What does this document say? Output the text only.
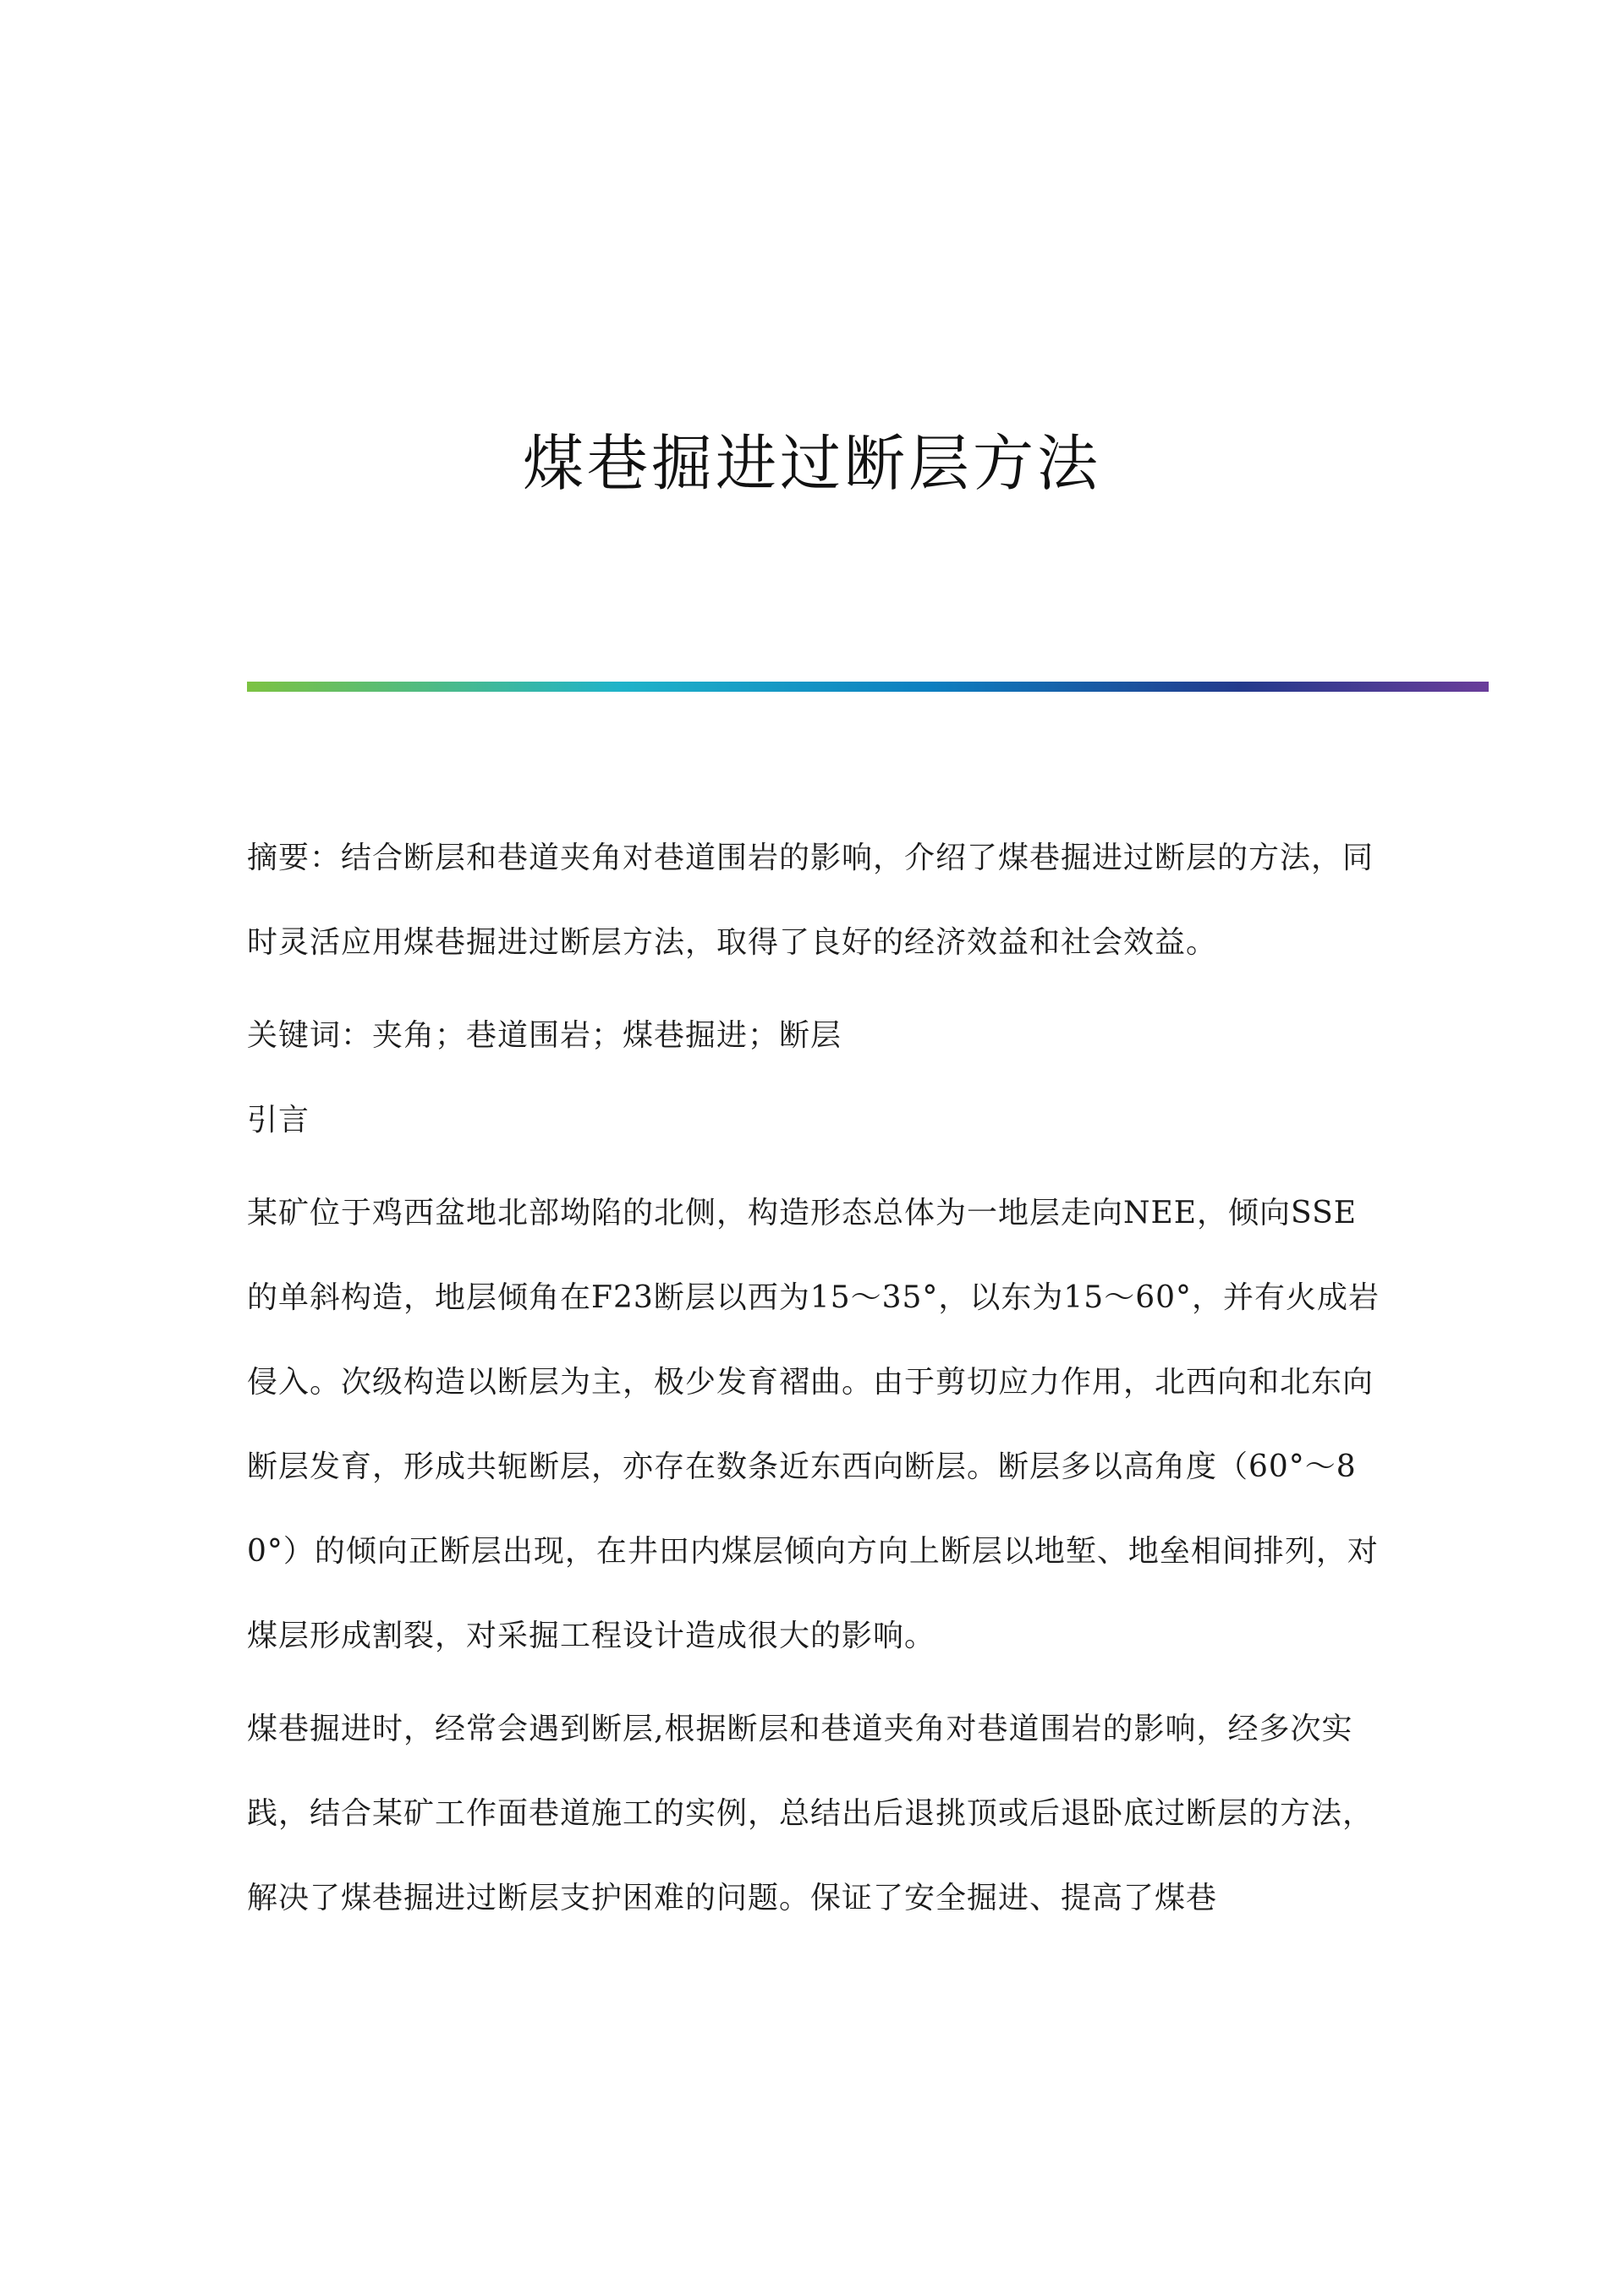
煤巷掘进过断层方法

摘要：结合断层和巷道夹角对巷道围岩的影响，介绍了煤巷掘进过断层的方法，同时灵活应用煤巷掘进过断层方法，取得了良好的经济效益和社会效益。

关键词：夹角；巷道围岩；煤巷掘进；断层

引言

某矿位于鸡西盆地北部坳陷的北侧，构造形态总体为一地层走向NEE，倾向SSE的单斜构造，地层倾角在F23断层以西为15～35°，以东为15～60°，并有火成岩侵入。次级构造以断层为主，极少发育褶曲。由于剪切应力作用，北西向和北东向断层发育，形成共轭断层，亦存在数条近东西向断层。断层多以高角度（60°～80°）的倾向正断层出现，在井田内煤层倾向方向上断层以地堑、地垒相间排列，对煤层形成割裂，对采掘工程设计造成很大的影响。

煤巷掘进时，经常会遇到断层,根据断层和巷道夹角对巷道围岩的影响，经多次实践，结合某矿工作面巷道施工的实例，总结出后退挑顶或后退卧底过断层的方法，解决了煤巷掘进过断层支护困难的问题。保证了安全掘进、提高了煤巷
